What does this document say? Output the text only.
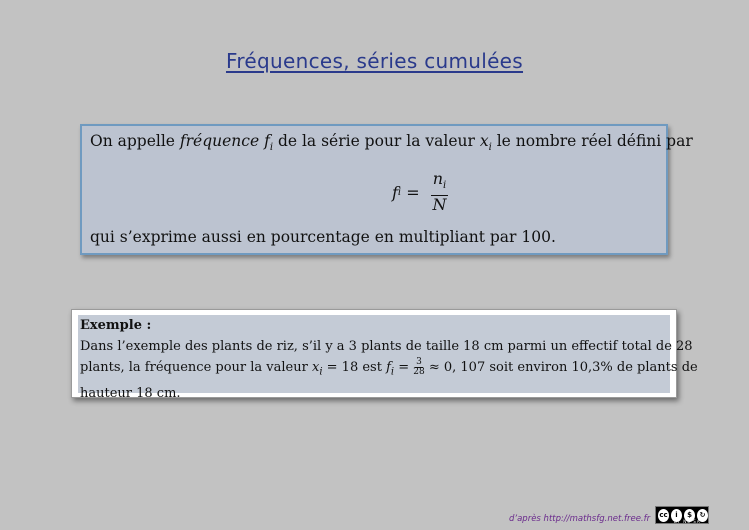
Fréquences, séries cumulées
On appelle fréquence $f_i$ de la série pour la valeur $x_i$ le nombre réel défini par
f $i = \frac{n_i}{N}$
qui s’exprime aussi en pourcentage en multipliant par 100.
Exemple :
Dans l’exemple des plants de riz, s’il y a 3 plants de taille 18 cm parmi un effectif total de 28
plants, la fréquence pour la valeur $x_i = 18$ est $f_i = \frac{3}{28} \approx 0$, 107 soit environ 10,3% de plants de
hauteur 18 cm.
d’après http://mathsfg.net.free.fr cc	i	$	↻
BY NC SA
